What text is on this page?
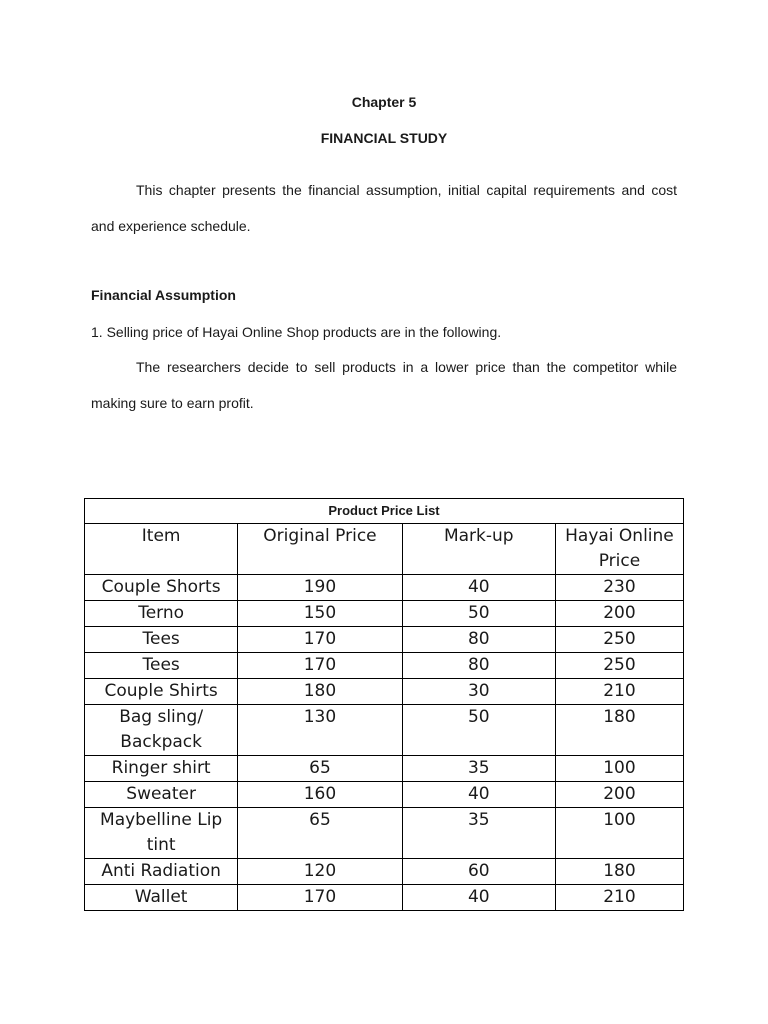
Chapter 5
FINANCIAL STUDY
This chapter presents the financial assumption, initial capital requirements and cost and experience schedule.
Financial Assumption
1. Selling price of Hayai Online Shop products are in the following.
The researchers decide to sell products in a lower price than the competitor while making sure to earn profit.
Product Price List
Item	Original Price	Mark-up	Hayai Online Price
Couple Shorts	190	40	230
Terno	150	50	200
Tees	170	80	250
Tees	170	80	250
Couple Shirts	180	30	210
Bag sling/ Backpack	130	50	180
Ringer shirt	65	35	100
Sweater	160	40	200
Maybelline Lip tint	65	35	100
Anti Radiation	120	60	180
Wallet	170	40	210
